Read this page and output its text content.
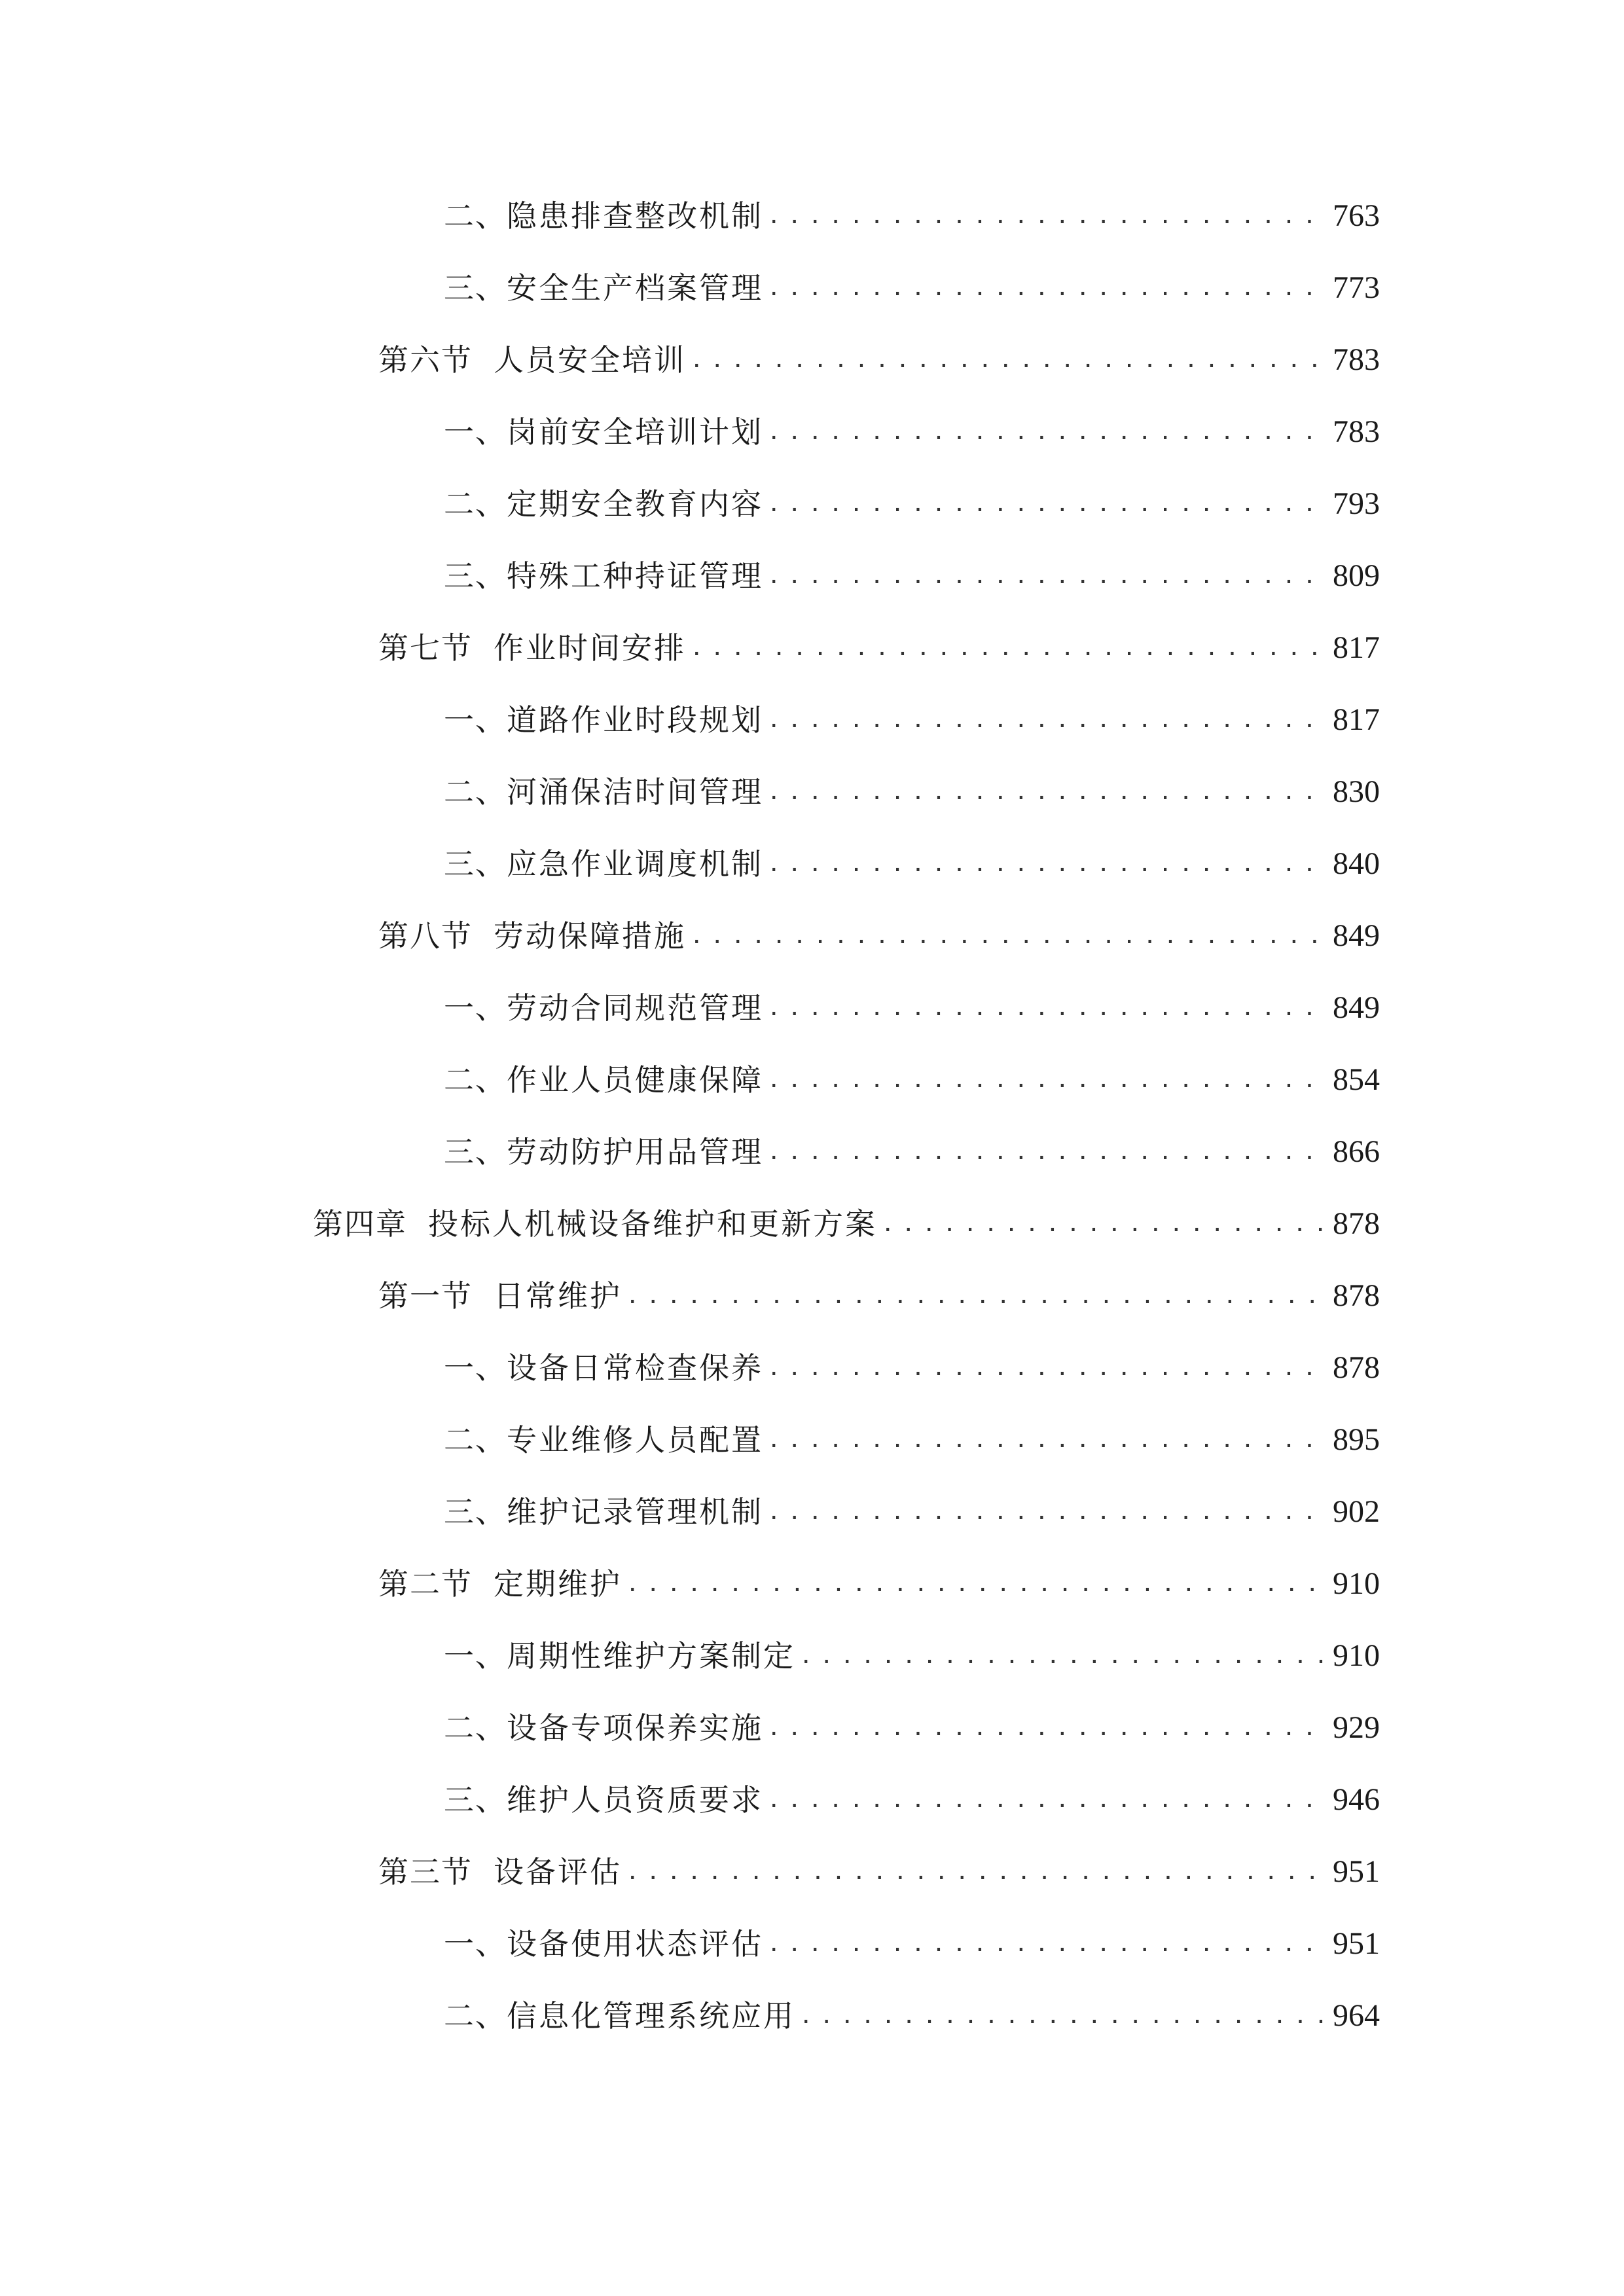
二、 隐患排查整改机制 .....	763
三、 安全生产档案管理 .....	773
第六节 人员安全培训 .....	783
一、 岗前安全培训计划 .....	783
二、 定期安全教育内容 .....	793
三、 特殊工种持证管理 .....	809
第七节 作业时间安排 .....	817
一、 道路作业时段规划 .....	817
二、 河涌保洁时间管理 .....	830
三、 应急作业调度机制 .....	840
第八节 劳动保障措施 .....	849
一、 劳动合同规范管理 .....	849
二、 作业人员健康保障 .....	854
三、 劳动防护用品管理 .....	866
第四章 投标人机械设备维护和更新方案 .....	878
第一节 日常维护 .....	878
一、 设备日常检查保养 .....	878
二、 专业维修人员配置 .....	895
三、 维护记录管理机制 .....	902
第二节 定期维护 .....	910
一、 周期性维护方案制定 .....	910
二、 设备专项保养实施 .....	929
三、 维护人员资质要求 .....	946
第三节 设备评估 .....	951
一、 设备使用状态评估 .....	951
二、 信息化管理系统应用 .....	964
